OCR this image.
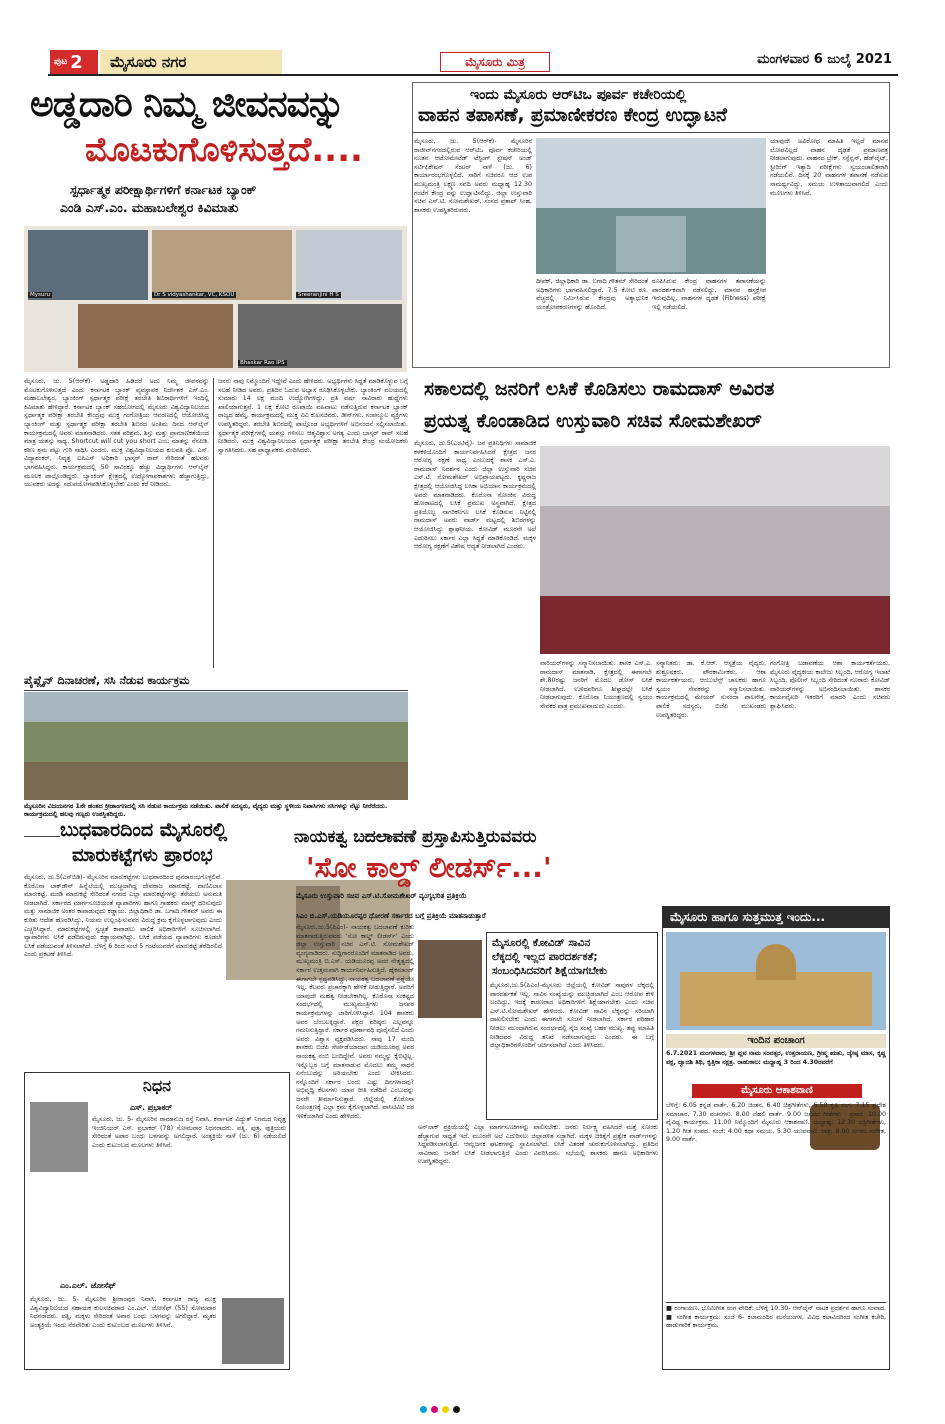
ಪುಟ 2	ಮೈಸೂರು ನಗರ	ಮೈಸೂರು ಮಿತ್ರ	ಮಂಗಳವಾರ 6 ಜುಲೈ 2021
ಅಡ್ಡದಾರಿ ನಿಮ್ಮ ಜೀವನವನ್ನು
ಮೊಟಕುಗೊಳಿಸುತ್ತದೆ....
ಸ್ಪರ್ಧಾತ್ಮಕ ಪರೀಕ್ಷಾರ್ಥಿಗಳಿಗೆ ಕರ್ನಾಟಕ ಬ್ಯಾಂಕ್
ಎಂಡಿ ಎಸ್.ಎಂ. ಮಹಾಬಲೇಶ್ವರ ಕಿವಿಮಾತು
Mysuru	Dr S vidyashankar, VC, KSOU	Sreeranjini H S
Bhaskar Rao IPS
ಮೈಸೂರು, ಜು. 5(ಆರ್‌ಕೆ)- ಅಡ್ಡದಾರಿ ಹಿಡಿದರೆ ಅದು ನಿಮ್ಮ ಜೀವನವನ್ನು ಮೊಟಕುಗೊಳಿಸುತ್ತದೆ ಎಂದು ಕರ್ನಾಟಕ ಬ್ಯಾಂಕ್ ವ್ಯವಸ್ಥಾಪಕ ನಿರ್ದೇಶಕ ಎಸ್.ಎಂ. ಮಹಾಬಲೇಶ್ವರ, ಬ್ಯಾಂಕಿಂಗ್ ಸ್ಪರ್ಧಾತ್ಮಕ ಪರೀಕ್ಷೆ ತರಬೇತಿ ಶಿಬಿರಾರ್ಥಿಗಳಿಗೆ ಇಂದಿಲ್ಲಿ ಕಿವಿಮಾತು ಹೇಳಿದ್ದಾರೆ. ಕರ್ನಾಟಕ ಬ್ಯಾಂಕ್ ಸಹಯೋಗದಲ್ಲಿ ಮೈಸೂರು ವಿಶ್ವವಿದ್ಯಾನಿಲಯದ ಸ್ಪರ್ಧಾತ್ಮಕ ಪರೀಕ್ಷಾ ತರಬೇತಿ ಕೇಂದ್ರವು ಮುಕ್ತ ಗಂಗೋತ್ರಿಯ ಆವರಣದಲ್ಲಿ ಆಯೋಜಿಸಿದ್ದ ಬ್ಯಾಂಕಿಂಗ್ ಮತ್ತು ಸ್ಪರ್ಧಾತ್ಮಕ ಪರೀಕ್ಷಾ ತರಬೇತಿ ಶಿಬಿರದ ಅಂತಿಮ ದಿನದ ಆನ್‌ಲೈನ್ ಕಾರ್ಯಕ್ರಮದಲ್ಲಿ ಅವರು ಮಾತನಾಡಿದರು. ಸತತ ಪರಿಶ್ರಮ, ಶಿಸ್ತು ಮತ್ತು ಪ್ರಾಮಾಣಿಕತೆಯಿಂದ ಮಾತ್ರ ಯಶಸ್ಸು ಸಾಧ್ಯ. Shortcut will cut you short ಎಂಬ ಮಾತನ್ನು ನೆನಪಿಡಿ. ಕಠಿಣ ಶ್ರಮ ಪಟ್ಟು ಗುರಿ ಸಾಧಿಸಿ ಎಂದರು. ಮುಕ್ತ ವಿಶ್ವವಿದ್ಯಾನಿಲಯದ ಕುಲಪತಿ ಪ್ರೊ. ಎಸ್. ವಿದ್ಯಾಶಂಕರ್, ನಿವೃತ್ತ ಐಪಿಎಸ್ ಅಧಿಕಾರಿ ಭಾಸ್ಕರ್ ರಾವ್ ಸೇರಿದಂತೆ ಹಲವರು ಭಾಗವಹಿಸಿದ್ದರು. ಕಾರ್ಯಕ್ರಮದಲ್ಲಿ 50 ಸಾವಿರಕ್ಕೂ ಹೆಚ್ಚು ವಿದ್ಯಾರ್ಥಿಗಳು ಆನ್‌ಲೈನ್ ಮೂಲಕ ಪಾಲ್ಗೊಂಡಿದ್ದರು. ಬ್ಯಾಂಕಿಂಗ್ ಕ್ಷೇತ್ರದಲ್ಲಿ ಉದ್ಯೋಗಾವಕಾಶಗಳು ಹೆಚ್ಚಾಗುತ್ತಿದ್ದು, ಯುವಕರು ಅದನ್ನು ಸದುಪಯೋಗಪಡಿಸಿಕೊಳ್ಳಬೇಕು ಎಂದು ಕರೆ ನೀಡಿದರು.
ಜನರು ನಾವು ನಿಮ್ಮೊಂದಿಗೆ ಇದ್ದೇವೆ ಎಂದು ಹೇಳಿದರು. ಅಭ್ಯರ್ಥಿಗಳು ಸಿದ್ಧತೆ ಮಾಡಿಕೊಳ್ಳುವ ಬಗ್ಗೆ ಸಲಹೆ ನೀಡಿದ ಅವರು, ಪ್ರತಿದಿನ ಓದುವ ಅಭ್ಯಾಸ ರೂಢಿಸಿಕೊಳ್ಳಬೇಕು. ಬ್ಯಾಂಕಿಂಗ್ ವಲಯದಲ್ಲಿ ಸುಮಾರು 14 ಲಕ್ಷ ಮಂದಿ ಉದ್ಯೋಗಿಗಳಿದ್ದು, ಪ್ರತಿ ವರ್ಷ ಸಾವಿರಾರು ಹುದ್ದೆಗಳು ಖಾಲಿಯಾಗುತ್ತವೆ. 1 ಲಕ್ಷ ಕೋಟಿ ರೂಪಾಯಿ ವಹಿವಾಟು ನಡೆಸುತ್ತಿರುವ ಕರ್ನಾಟಕ ಬ್ಯಾಂಕ್ ರಾಜ್ಯದ ಹೆಮ್ಮೆ. ಕಾರ್ಯಕ್ರಮದಲ್ಲಿ ಮುಕ್ತ ವಿವಿ ಕುಲಸಚಿವರು, ಡೀನ್‌ಗಳು, ಸಂಪನ್ಮೂಲ ವ್ಯಕ್ತಿಗಳು ಉಪಸ್ಥಿತರಿದ್ದರು. ತರಬೇತಿ ಶಿಬಿರದಲ್ಲಿ ಪಾಲ್ಗೊಂಡ ಅಭ್ಯರ್ಥಿಗಳಿಗೆ ಅಭಿನಂದನೆ ಸಲ್ಲಿಸಲಾಯಿತು. ಸ್ಪರ್ಧಾತ್ಮಕ ಪರೀಕ್ಷೆಗಳಲ್ಲಿ ಯಶಸ್ಸು ಗಳಿಸಲು ಆತ್ಮವಿಶ್ವಾಸ ಅಗತ್ಯ ಎಂದು ಭಾಸ್ಕರ್ ರಾವ್ ಸಲಹೆ ನೀಡಿದರು. ಮುಕ್ತ ವಿಶ್ವವಿದ್ಯಾನಿಲಯದ ಸ್ಪರ್ಧಾತ್ಮಕ ಪರೀಕ್ಷಾ ತರಬೇತಿ ಕೇಂದ್ರ ಸಂಯೋಜಕರು ಸ್ವಾಗತಿಸಿದರು. ಸಹ ಪ್ರಾಧ್ಯಾಪಕರು ವಂದಿಸಿದರು.
ಪೈಪ್ಲೈನ್ ದಿನಾಚರಣೆ, ಸಸಿ ನೆಡುವ ಕಾರ್ಯಕ್ರಮ
ಮೈಸೂರಿನ ವಿಜಯನಗರ 1ನೇ ಹಂತದ ಕ್ರೀಡಾಂಗಣದಲ್ಲಿ ಸಸಿ ನೆಡುವ ಕಾರ್ಯಕ್ರಮ ನಡೆಯಿತು. ಪಾಲಿಕೆ ಸದಸ್ಯರು, ವೈದ್ಯರು ಮತ್ತು ಸ್ಥಳೀಯ ನಿವಾಸಿಗಳು ಸಸಿಗಳನ್ನು ನೆಟ್ಟು ನೀರೆರೆದರು. ಕಾರ್ಯಕ್ರಮದಲ್ಲಿ ಹಲವು ಗಣ್ಯರು ಉಪಸ್ಥಿತರಿದ್ದರು.
ಇಂದು ಮೈಸೂರು ಆರ್‌ಟಿಒ ಪೂರ್ವ ಕಚೇರಿಯಲ್ಲಿ
ವಾಹನ ತಪಾಸಣೆ, ಪ್ರಮಾಣೀಕರಣ ಕೇಂದ್ರ ಉದ್ಘಾಟನೆ
ಮೈಸೂರು, ಜು. 5(ಆರ್‌ಕೆ)- ಮೈಸೂರಿನ ರಾಜೀವ್‌ನಗರದಲ್ಲಿರುವ ಆರ್‌ಟಿಒ ಪೂರ್ವ ಕಚೇರಿಯಲ್ಲಿ ನೂತನ ಆಟೋಮೇಟೆಡ್ ಟೆಸ್ಟಿಂಗ್ ಸ್ಟೇಷನ್ ಅಂಡ್ ಸರ್ಟಿಫಿಕೇಷನ್ ಸೆಂಟರ್ ನಾಳೆ (ಜು. 6) ಕಾರ್ಯಾರಂಭಗೊಳ್ಳಲಿದೆ. ಸಾರಿಗೆ ಸಚಿವರೂ ಆದ ಉಪ ಮುಖ್ಯಮಂತ್ರಿ ಲಕ್ಷ್ಮಣ ಸವದಿ ಅವರು ಮಧ್ಯಾಹ್ನ 12.30 ಗಂಟೆಗೆ ಕೇಂದ್ರ ವನ್ನು ಉದ್ಘಾಟಿಸಲಿದ್ದು, ಜಿಲ್ಲಾ ಉಸ್ತುವಾರಿ ಸಚಿವ ಎಸ್.ಟಿ. ಸೋಮಶೇಖರ್, ಸಂಸದ ಪ್ರತಾಪ್ ಸಿಂಹ, ಶಾಸಕರು ಉಪಸ್ಥಿತರಿರುವರು.
ದೀಪಕ್, ಜಿಲ್ಲಾಧಿಕಾರಿ ಡಾ. ಬಗಾದಿ ಗೌತಮ್ ಸೇರಿದಂತೆ ಅಧಿಕಾರಿಗಳು ಭಾಗವಹಿಸಲಿದ್ದಾರೆ. 7.5 ಕೋಟಿ ರೂ. ವೆಚ್ಚದಲ್ಲಿ ನಿರ್ಮಿಸಿರುವ ಕೇಂದ್ರವು ಅತ್ಯಾಧುನಿಕ ಯಂತ್ರೋಪಕರಣಗಳನ್ನು ಹೊಂದಿದೆ.
ರೂಪಿಸಿರುವ ಕೇಂದ್ರ ವಾಹನಗಳ ತಪಾಸಣೆಯನ್ನು ಪಾರದರ್ಶಕವಾಗಿ ನಡೆಸಲಿದ್ದು, ಮಾನವ ಹಸ್ತಕ್ಷೇಪ ಇರುವುದಿಲ್ಲ. ವಾಹನಗಳ ದೃಢತೆ (Fitness) ಪರೀಕ್ಷೆ ಇಲ್ಲಿ ನಡೆಯಲಿದೆ.
ಯಾವುದೇ ಅವಿರೋಧ ಮಾಹಿತಿ ಇಲ್ಲದೆ ಮಾನವ ಲೋಪವಿಲ್ಲದೆ ವಾಹನ ದೃಢತೆ ಪ್ರಮಾಣಪತ್ರ ನೀಡಲಾಗುವುದು. ವಾಹನದ ಬ್ರೇಕ್, ಸಸ್ಪೆನ್ಷನ್, ಹೆಡ್‌ಲೈಟ್, ಸ್ಟೀರಿಂಗ್ ಇತ್ಯಾದಿ ಪರೀಕ್ಷೆಗಳು ಸ್ವಯಂಚಾಲಿತವಾಗಿ ನಡೆಯಲಿವೆ. ದಿನಕ್ಕೆ 20 ವಾಹನಗಳ ತಪಾಸಣೆ ನಡೆಸುವ ಸಾಮರ್ಥ್ಯವಿದ್ದು, ಸಮಯ ಉಳಿತಾಯವಾಗಲಿದೆ ಎಂದು ಮೂಲಗಳು ತಿಳಿಸಿವೆ.
ಸಕಾಲದಲ್ಲಿ ಜನರಿಗೆ ಲಸಿಕೆ ಕೊಡಿಸಲು ರಾಮದಾಸ್ ಅವಿರತ
ಪ್ರಯತ್ನ ಕೊಂಡಾಡಿದ ಉಸ್ತುವಾರಿ ಸಚಿವ ಸೋಮಶೇಖರ್
ಮೈಸೂರು, ಜು.5(ಎಂಟಿವೈ)- ಜನ ಪ್ರತಿನಿಧಿಗಳು ಸಾಮಾಜಿಕ ಕಳಕಳಿಯೊಂದಿಗೆ ಕಾರ್ಯನಿರ್ವಹಿಸಿದರೆ ಕ್ಷೇತ್ರದ ಜನರ ಆರೋಗ್ಯ ರಕ್ಷಣೆ ಸಾಧ್ಯ ಎಂಬುದಕ್ಕೆ ಶಾಸಕ ಎಸ್.ಎ. ರಾಮದಾಸ್ ನಿದರ್ಶನ ಎಂದು ಜಿಲ್ಲಾ ಉಸ್ತುವಾರಿ ಸಚಿವ ಎಸ್.ಟಿ. ಸೋಮಶೇಖರ್ ಅಭಿಪ್ರಾಯಪಟ್ಟರು. ಕೃಷ್ಣರಾಜ ಕ್ಷೇತ್ರದಲ್ಲಿ ಆಯೋಜಿಸಿದ್ದ ಲಸಿಕಾ ಅಭಿಯಾನ ಕಾರ್ಯಕ್ರಮದಲ್ಲಿ ಅವರು ಮಾತನಾಡಿದರು. ಕೊರೊನಾ ಸೋಂಕಿನ ವಿರುದ್ಧ ಹೋರಾಟದಲ್ಲಿ ಲಸಿಕೆ ಪ್ರಮುಖ ಅಸ್ತ್ರವಾಗಿದೆ. ಕ್ಷೇತ್ರದ ಪ್ರತಿಯೊಬ್ಬ ನಾಗರಿಕನಿಗೂ ಲಸಿಕೆ ಕೊಡಿಸುವ ನಿಟ್ಟಿನಲ್ಲಿ ರಾಮದಾಸ್ ಅವರು ವಾರ್ಡ್ ಮಟ್ಟದಲ್ಲಿ ಶಿಬಿರಗಳನ್ನು ಆಯೋಜಿಸಿದ್ದು ಶ್ಲಾಘನೀಯ. ಕೋವಿಡ್ ಮೂರನೇ ಅಲೆ ಎದುರಿಸಲು ಸರ್ಕಾರ ಎಲ್ಲಾ ಸಿದ್ಧತೆ ಮಾಡಿಕೊಂಡಿದೆ. ಮಕ್ಕಳ ಆರೋಗ್ಯ ರಕ್ಷಣೆಗೆ ವಿಶೇಷ ಆದ್ಯತೆ ನೀಡಲಾಗಿದೆ ಎಂದರು.
ವಾರಿಯರ್‌ಗಳನ್ನು ಸನ್ಮಾನಿಸಲಾಯಿತು. ಶಾಸಕ ಎಸ್.ಎ. ರಾಮದಾಸ್ ಮಾತನಾಡಿ, ಕ್ಷೇತ್ರದಲ್ಲಿ ಈಗಾಗಲೇ ಶೇ.80ರಷ್ಟು ಜನರಿಗೆ ಮೊದಲ ಡೋಸ್ ಲಸಿಕೆ ನೀಡಲಾಗಿದೆ. ಉಳಿದವರಿಗೂ ಶೀಘ್ರದಲ್ಲೇ ಲಸಿಕೆ ನೀಡಲಾಗುವುದು. ಕೊರೊನಾ ನಿಯಂತ್ರಣದಲ್ಲಿ ಸ್ವಯಂ ಸೇವಕರ ಪಾತ್ರ ಪ್ರಮುಖವಾದುದು ಎಂದರು.
ಸನ್ಮಾನಿತರು: ಡಾ. ಕೆ.ಆರ್. ಆಸ್ಪತ್ರೆಯ ವೈದ್ಯರು, ಶುಶ್ರೂಷಕರು, ಪೌರಕಾರ್ಮಿಕರು, ಆಶಾ ಕಾರ್ಯಕರ್ತೆಯರು, ಆಂಬುಲೆನ್ಸ್ ಚಾಲಕರು ಹಾಗೂ ಸ್ವಯಂ ಸೇವಕರನ್ನು ಸನ್ಮಾನಿಸಲಾಯಿತು. ಕಾರ್ಯಕ್ರಮದಲ್ಲಿ ಮೇಯರ್ ಸುನಂದಾ ಪಾಲನೇತ್ರ, ಪಾಲಿಕೆ ಸದಸ್ಯರು, ಬಿಜೆಪಿ ಮುಖಂಡರು ಉಪಸ್ಥಿತರಿದ್ದರು.
ಗಂಗೋತ್ರಿ ಬಡಾವಣೆಯ ಆಶಾ ಕಾರ್ಯಕರ್ತೆಯರು, ಮೈಸೂರು ವೈದ್ಯಕೀಯ ಕಾಲೇಜು ಸಿಬ್ಬಂದಿ, ಆರೋಗ್ಯ ಇಲಾಖೆ ಸಿಬ್ಬಂದಿ, ಪೊಲೀಸ್ ಸಿಬ್ಬಂದಿ ಸೇರಿದಂತೆ ನೂರಾರು ಕೋವಿಡ್ ವಾರಿಯರ್‌ಗಳನ್ನು ಅಭಿನಂದಿಸಲಾಯಿತು. ಶಾಸಕರ ಕಾರ್ಯವೈಖರಿ ಇತರರಿಗೆ ಮಾದರಿ ಎಂದು ಸಚಿವರು ಶ್ಲಾಘಿಸಿದರು.
ಬುಧವಾರದಿಂದ ಮೈಸೂರಲ್ಲಿ
ಮಾರುಕಟ್ಟೆಗಳು ಪ್ರಾರಂಭ
ಮೈಸೂರು, ಜು.5(ಎಸ್‌ಬಿಡಿ)- ಮೈಸೂರಿನ ಮಾರುಕಟ್ಟೆಗಳು ಬುಧವಾರದಿಂದ ಪುನರಾರಂಭಗೊಳ್ಳಲಿವೆ. ಕೊರೊನಾ ಲಾಕ್‌ಡೌನ್ ಹಿನ್ನೆಲೆಯಲ್ಲಿ ಮುಚ್ಚಲಾಗಿದ್ದ ದೇವರಾಜ ಮಾರುಕಟ್ಟೆ, ವಾಣಿವಿಲಾಸ ಮಾರುಕಟ್ಟೆ, ಮಂಡಿ ಮಾರುಕಟ್ಟೆ ಸೇರಿದಂತೆ ನಗರದ ಎಲ್ಲಾ ಮಾರುಕಟ್ಟೆಗಳನ್ನು ತೆರೆಯಲು ಅನುಮತಿ ನೀಡಲಾಗಿದೆ. ಸರ್ಕಾರದ ಮಾರ್ಗಸೂಚಿಯಂತೆ ವ್ಯಾಪಾರಿಗಳು ಹಾಗೂ ಗ್ರಾಹಕರು ಮಾಸ್ಕ್ ಧರಿಸುವುದು ಮತ್ತು ಸಾಮಾಜಿಕ ಅಂತರ ಕಾಪಾಡುವುದು ಕಡ್ಡಾಯ. ಜಿಲ್ಲಾಧಿಕಾರಿ ಡಾ. ಬಗಾದಿ ಗೌತಮ್ ಅವರು ಈ ಕುರಿತು ಆದೇಶ ಹೊರಡಿಸಿದ್ದು, ನಿಯಮ ಉಲ್ಲಂಘಿಸುವವರ ವಿರುದ್ಧ ಕ್ರಮ ಕೈಗೊಳ್ಳಲಾಗುವುದು ಎಂದು ಎಚ್ಚರಿಸಿದ್ದಾರೆ. ಮಾರುಕಟ್ಟೆಗಳಲ್ಲಿ ಸ್ವಚ್ಛತೆ ಕಾಪಾಡಲು ಪಾಲಿಕೆ ಅಧಿಕಾರಿಗಳಿಗೆ ಸೂಚಿಸಲಾಗಿದೆ. ವ್ಯಾಪಾರಿಗಳು ಲಸಿಕೆ ಪಡೆದಿರುವುದು ಕಡ್ಡಾಯವಾಗಿದ್ದು, ಲಸಿಕೆ ಪಡೆಯದ ವ್ಯಾಪಾರಿಗಳು ಕೂಡಲೇ ಲಸಿಕೆ ಪಡೆಯುವಂತೆ ತಿಳಿಸಲಾಗಿದೆ. ಬೆಳಿಗ್ಗೆ 6 ರಿಂದ ಸಂಜೆ 5 ಗಂಟೆಯವರೆಗೆ ಮಾರುಕಟ್ಟೆ ತೆರೆದಿರಲಿದೆ ಎಂದು ಪ್ರಕಟಣೆ ತಿಳಿಸಿದೆ.
ನಿಧನ
ಎಸ್. ಪ್ರಭಾಕರ್
ಮೈಸೂರು, ಜು. 5- ಮೈಸೂರಿನ ರಾಮಾನುಜ ರಸ್ತೆ ನಿವಾಸಿ, ಕರ್ನಾಟಕ ವಿದ್ಯುತ್ ನಿಗಮದ ನಿವೃತ್ತ ಇಂಜಿನಿಯರ್ ಎಸ್. ಪ್ರಭಾಕರ್ (78) ಸೋಮವಾರ ನಿಧನರಾದರು. ಪತ್ನಿ, ಪುತ್ರ, ಪುತ್ರಿಯರು ಸೇರಿದಂತೆ ಅಪಾರ ಬಂಧು ಬಳಗವನ್ನು ಅಗಲಿದ್ದಾರೆ. ಅಂತ್ಯಕ್ರಿಯೆ ನಾಳೆ (ಜು. 6) ನಡೆಯಲಿದೆ ಎಂದು ಕುಟುಂಬದ ಮೂಲಗಳು ತಿಳಿಸಿವೆ.
ಎಂ.ಎಲ್. ಜೋಸೆಫ್
ಮೈಸೂರು, ಜು. 5- ಮೈಸೂರಿನ ಶ್ರೀರಾಂಪುರ ನಿವಾಸಿ, ಕರ್ನಾಟಕ ರಾಜ್ಯ ಮುಕ್ತ ವಿಶ್ವವಿದ್ಯಾನಿಲಯದ ಸಹಾಯಕ ಕುಲಸಚಿವರಾದ ಎಂ.ಎಲ್. ಜೋಸೆಫ್ (55) ಸೋಮವಾರ ನಿಧನರಾದರು. ಪತ್ನಿ, ಮಕ್ಕಳು ಸೇರಿದಂತೆ ಅಪಾರ ಬಂಧು ಬಳಗವನ್ನು ಅಗಲಿದ್ದಾರೆ. ಮೃತರ ಅಂತ್ಯಕ್ರಿಯೆ ಇಂದು ನೆರವೇರಿತು ಎಂದು ಕುಟುಂಬದ ಮೂಲಗಳು ತಿಳಿಸಿವೆ.
ನಾಯಕತ್ವ ಬದಲಾವಣೆ ಪ್ರಸ್ತಾಪಿಸುತ್ತಿರುವವರು
'ಸೋ ಕಾಲ್ಡ್ ಲೀಡರ್ಸ್...'
ಮೈಸೂರು ಉಸ್ತುವಾರಿ ಸಚಿವ ಎಸ್.ಟಿ.ಸೋಮಶೇಖರ್ ವ್ಯಂಗ್ಯಭರಿತ ಪ್ರತಿಕ್ರಿಯೆ
ಸಿಎಂ ಬಿ.ಎಸ್.ಯಡಿಯೂರಪ್ಪರ ಧೋರಣೆ ಸರ್ಕಾರದ ಬಗ್ಗೆ ಪ್ರತಿಕ್ರಿಯೆ ಮಾತನಾಡುತ್ತಾರೆ
ಮೈಸೂರು,ಜು.5(ಪಿಎಂ)- ನಾಯಕತ್ವ ಬದಲಾವಣೆ ಕುರಿತು ಮಾತನಾಡುತ್ತಿರುವವರು 'ಸೋ ಕಾಲ್ಡ್ ಲೀಡರ್ಸ್' ಎಂದು ಜಿಲ್ಲಾ ಉಸ್ತುವಾರಿ ಸಚಿವ ಎಸ್.ಟಿ. ಸೋಮಶೇಖರ್ ವ್ಯಂಗ್ಯವಾಡಿದರು. ಸುದ್ದಿಗಾರರೊಂದಿಗೆ ಮಾತನಾಡಿದ ಅವರು, ಮುಖ್ಯಮಂತ್ರಿ ಬಿ.ಎಸ್. ಯಡಿಯೂರಪ್ಪ ಅವರ ನೇತೃತ್ವದಲ್ಲಿ ಸರ್ಕಾರ ಉತ್ತಮವಾಗಿ ಕಾರ್ಯನಿರ್ವಹಿಸುತ್ತಿದೆ. ಹೈಕಮಾಂಡ್ ಈಗಾಗಲೇ ಸ್ಪಷ್ಟಪಡಿಸಿದ್ದು, ನಾಯಕತ್ವ ಬದಲಾವಣೆ ಪ್ರಶ್ನೆಯೇ ಇಲ್ಲ. ಕೆಲವರು ಪ್ರಚಾರಕ್ಕಾಗಿ ಹೇಳಿಕೆ ನೀಡುತ್ತಿದ್ದಾರೆ. ಅವರಿಗೆ ಯಾವುದೇ ಮಹತ್ವ ನೀಡಬೇಕಾಗಿಲ್ಲ. ಕೊರೊನಾ ಸಂಕಷ್ಟದ ಸಂದರ್ಭದಲ್ಲಿ ಮುಖ್ಯಮಂತ್ರಿಗಳು ಜನಪರ ಕಾರ್ಯಕ್ರಮಗಳನ್ನು ಜಾರಿಗೊಳಿಸಿದ್ದಾರೆ. 104 ಶಾಸಕರು ಅವರ ಬೆಂಬಲಕ್ಕಿದ್ದಾರೆ. ಪಕ್ಷದ ವರಿಷ್ಠರು ಎಲ್ಲವನ್ನೂ ಗಮನಿಸುತ್ತಿದ್ದಾರೆ. ಸರ್ಕಾರ ಪೂರ್ಣಾವಧಿ ಪೂರೈಸಲಿದೆ ಎಂದು ಅವರು ವಿಶ್ವಾಸ ವ್ಯಕ್ತಪಡಿಸಿದರು. ನಾವು 17 ಮಂದಿ ಶಾಸಕರು ಬಿಜೆಪಿ ಸೇರ್ಪಡೆಯಾದಾಗ ಯಡಿಯೂರಪ್ಪ ಅವರ ನಾಯಕತ್ವ ನಂಬಿ ಬಂದಿದ್ದೇವೆ. ಅವರು ನಮ್ಮನ್ನು ಕೈಬಿಟ್ಟಿಲ್ಲ. ಇನ್ನೊಬ್ಬರ ಬಗ್ಗೆ ಮಾತನಾಡುವ ಮೊದಲು ತಮ್ಮ ಸಾಧನೆ ಏನೆಂಬುದನ್ನು ಅರಿಯಬೇಕು ಎಂದು ಟೀಕಿಸಿದರು. ನನ್ನೊಂದಿಗೆ ಸರ್ಕಾರ ಬಂದು ಎಷ್ಟು ದಿನಗಳಾದವು? ಅಭಿವೃದ್ಧಿ ಕೆಲಸಗಳು ಯಾವ ರೀತಿ ನಡೆದಿವೆ ಎಂಬುದನ್ನು ಜನರೇ ತೀರ್ಮಾನಿಸುತ್ತಾರೆ. ಜಿಲ್ಲೆಯಲ್ಲಿ ಕೊರೊನಾ ನಿಯಂತ್ರಣಕ್ಕೆ ಎಲ್ಲಾ ಕ್ರಮ ಕೈಗೊಳ್ಳಲಾಗಿದೆ. ಪಾಸಿಟಿವಿಟಿ ದರ ಇಳಿಕೆಯಾಗಿದೆ ಎಂದು ಹೇಳಿದರು.
ಮೈಸೂರಲ್ಲಿ ಕೋವಿಡ್ ಸಾವಿನ
ಲೆಕ್ಕದಲ್ಲಿ ಇಲ್ಲದ ಪಾರದರ್ಶಕತೆ;
ಸಂಬಂಧಿಸಿದವರಿಗೆ ಶಿಕ್ಷೆಯಾಗಬೇಕು
ಮೈಸೂರು,ಜು.5(ಪಿಎಂ)-ಮೈಸೂರು ಜಿಲ್ಲೆಯಲ್ಲಿ ಕೋವಿಡ್ ಸಾವುಗಳ ಲೆಕ್ಕದಲ್ಲಿ ಪಾರದರ್ಶಕತೆ ಇಲ್ಲ. ಸಾವಿನ ಸಂಖ್ಯೆಯನ್ನು ಮುಚ್ಚಿಡಲಾಗಿದೆ ಎಂಬ ಆರೋಪ ಕೇಳಿ ಬಂದಿದ್ದು, ಇದಕ್ಕೆ ಕಾರಣರಾದ ಅಧಿಕಾರಿಗಳಿಗೆ ಶಿಕ್ಷೆಯಾಗಬೇಕು ಎಂದು ಸಚಿವ ಎಸ್.ಟಿ.ಸೋಮಶೇಖರ್ ಹೇಳಿದರು. ಕೋವಿಡ್ ಸಾವಿನ ಲೆಕ್ಕವನ್ನು ಸರಿಯಾಗಿ ದಾಖಲಿಸಬೇಕು ಎಂದು ಈಗಾಗಲೇ ಸೂಚನೆ ನೀಡಲಾಗಿದೆ. ಸರ್ಕಾರ ಪರಿಹಾರ ನೀಡಲು ಮುಂದಾಗಿರುವ ಸಂದರ್ಭದಲ್ಲಿ ನೈಜ ಸಂಖ್ಯೆ ಬಹಳ ಮುಖ್ಯ. ತಪ್ಪು ಮಾಹಿತಿ ನೀಡಿದವರ ವಿರುದ್ಧ ತನಿಖೆ ನಡೆಸಲಾಗುವುದು ಎಂದರು. ಈ ಬಗ್ಗೆ ಜಿಲ್ಲಾಧಿಕಾರಿಗಳೊಂದಿಗೆ ಚರ್ಚಿಸಲಾಗಿದೆ ಎಂದು ತಿಳಿಸಿದರು.
ಅನ್‌ಲಾಕ್ ಪ್ರಕ್ರಿಯೆಯಲ್ಲಿ ಎಲ್ಲಾ ಮಾರ್ಗಸೂಚಿಗಳನ್ನು ಪಾಲಿಸಬೇಕು. ಜನರು ನಿರ್ಲಕ್ಷ್ಯ ವಹಿಸಿದರೆ ಮತ್ತೆ ಸೋಂಕು ಹೆಚ್ಚಾಗುವ ಸಾಧ್ಯತೆ ಇದೆ. ಮೂರನೇ ಅಲೆ ಎದುರಿಸಲು ಜಿಲ್ಲಾಡಳಿತ ಸಜ್ಜಾಗಿದೆ. ಮಕ್ಕಳ ಚಿಕಿತ್ಸೆಗೆ ಪ್ರತ್ಯೇಕ ವಾರ್ಡ್‌ಗಳನ್ನು ಸಿದ್ಧಪಡಿಸಲಾಗುತ್ತಿದೆ. ಆಮ್ಲಜನಕ ಘಟಕಗಳನ್ನು ಸ್ಥಾಪಿಸಲಾಗಿದೆ. ಲಸಿಕೆ ವಿತರಣೆ ಚುರುಕುಗೊಳಿಸಲಾಗಿದ್ದು, ಪ್ರತಿದಿನ ಸಾವಿರಾರು ಜನರಿಗೆ ಲಸಿಕೆ ನೀಡಲಾಗುತ್ತಿದೆ ಎಂದು ವಿವರಿಸಿದರು. ಸಭೆಯಲ್ಲಿ ಶಾಸಕರು ಹಾಗೂ ಅಧಿಕಾರಿಗಳು ಉಪಸ್ಥಿತರಿದ್ದರು.
ಮೈಸೂರು ಹಾಗೂ ಸುತ್ತಮುತ್ತ ಇಂದು...
ಇಂದಿನ ಪಂಚಾಂಗ
6.7.2021 ಮಂಗಳವಾರ, ಶ್ರೀ ಪ್ಲವ ನಾಮ ಸಂವತ್ಸರ, ಉತ್ತರಾಯಣ, ಗ್ರೀಷ್ಮ ಋತು, ಜ್ಯೇಷ್ಠ ಮಾಸ, ಕೃಷ್ಣ ಪಕ್ಷ, ದ್ವಾದಶಿ ತಿಥಿ, ಕೃತ್ತಿಕಾ ನಕ್ಷತ್ರ. ರಾಹುಕಾಲ: ಮಧ್ಯಾಹ್ನ 3 ರಿಂದ 4.30ರವರೆಗೆ
ಮೈಸೂರು ಆಕಾಶವಾಣಿ
ಬೆಳಿಗ್ಗೆ: 6.05 ಕನ್ನಡ ವಾರ್ತೆ, 6.20 ಚಿಂತನ, 6.40 ಚಿತ್ರಗೀತೆಗಳು, 6.50 ಕೃಷಿ ರಂಗ, 7.15 ಪ್ರದೇಶ ಸಮಾಚಾರ, 7.30 ವಚನಗಳು. 8.00 ದೆಹಲಿ ವಾರ್ತೆ. 9.00 ಜನಪದ ಗೀತೆಗಳು - ಪ್ರಸಾರ. 10.00 ವೈವಿಧ್ಯ ಕಾರ್ಯಕ್ರಮ. 11.00 ನಿಮ್ಮೊಂದಿಗೆ ಮೈಸೂರು ಆಕಾಶವಾಣಿ. ಮಧ್ಯಾಹ್ನ: 12.30 ಭಕ್ತಿಗೀತೆಗಳು, 1.20 ಗೀತ ಸಂಪದ. ಸಂಜೆ: 4.00 ಕಥಾ ಸಮಯ, 5.30 ಯುವವಾಣಿ. ರಾತ್ರಿ: 8.00 ಸುಗಮ ಸಂಗೀತ, 9.00 ವಾರ್ತೆ.
■ ರಂಗಾಯಣ, ಭೂಮಿಗೀತ ರಂಗ ವೇದಿಕೆ: ಬೆಳಿಗ್ಗೆ 10.30- ಆನ್‌ಲೈನ್ ನಾಟಕ ಪ್ರದರ್ಶನ ಹಾಗೂ ಸಂವಾದ. ■ ಸಂಗೀತ ಕಾರ್ಯಕ್ರಮ: ಸಂಜೆ 6- ಕಲಾಮಂದಿರ ಮನೆಯಂಗಳ, ವಿವಿಧ ಕಲಾವಿದರಿಂದ ಸಂಗೀತ ಕಚೇರಿ, ಹಾಡುಗಾರಿಕೆ ಕಾರ್ಯಕ್ರಮ.
